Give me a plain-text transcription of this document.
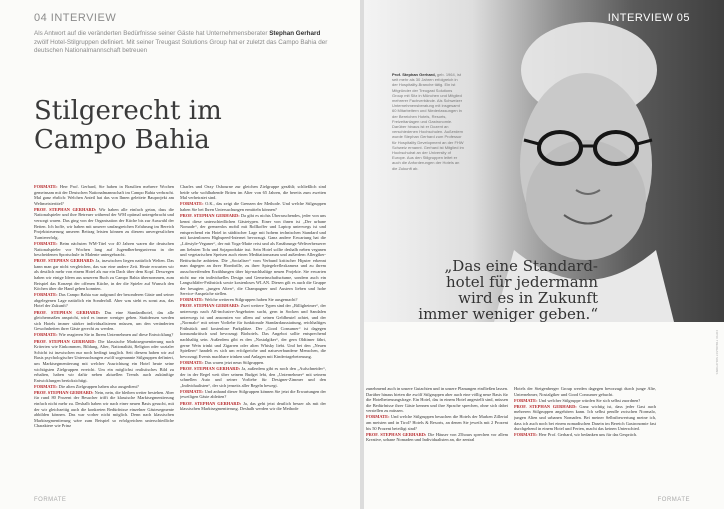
04 INTERVIEW
Als Antwort auf die veränderten Bedürfnisse seiner Gäste hat Unternehmensberater Stephan Gerhard zwölf Hotel-Stilgruppen definiert. Mit seiner Treugast Solutions Group hat er zuletzt das Campo Bahia der deutschen Nationalmannschaft betreuen
Stilgerecht im
Campo Bahia

FORMATE: Herr Prof. Gerhard, Sie haben in Brasilien mehrere Wochen gemeinsam mit der Deutschen Nationalmannschaft im Campo Bahia verbracht. Mal ganz ehrlich: Welchen Anteil hat das von Ihnen geleitete Bauprojekt am Weltmeistertitel?

PROF. STEPHAN GERHARD: Wir haben alle einfach getan, dass die Nationalspieler und ihre Betreuer während der WM optimal untergebracht und versorgt waren. Das ging von der Organisation der Küche bis zur Auswahl der Betten. Ich hoffe, wir haben mit unserer umfangreichen Erfahrung im Bereich Projektsteuerung unseren Beitrag leisten können zu diesem unvergesslichen Turniererfolg.

FORMATE: Beim nächsten WM-Titel vor 40 Jahren waren die deutschen Nationalspieler vor Wochen lang auf Jugendherbergsniveau in der bescheidenen Sportschule in Malente untergebracht.

PROF. STEPHAN GERHARD: Ja, inzwischen liegen natürlich Welten. Das kann man gar nicht vergleichen, das war eine andere Zeit. Heute erwarten wir als deutlich mehr von einem Hotel als nur ein Dach über dem Kopf. Deswegen haben wir einige Ideen aus unserem Buch zu Campo Bahia übernommen, zum Beispiel das Konzept der offenen Küche, in der die Spieler auf Wunsch den Köchen über die Hand gehen konnten.

FORMATE: Das Campo Bahia war aufgrund der besonderen Gäste und seiner abgelegenen Lage natürlich ein Sonderfall. Aber was steht es sonst aus, das Hotel der Zukunft?

PROF. STEPHAN GERHARD: Das eine Standardhotel, das alle gleichermaßen anspricht, wird es immer weniger geben. Stattdessen werden sich Hotels immer stärker individualisieren müssen, um den veränderten Gewohnheiten ihrer Gäste gerecht zu werden.

FORMATE: Wie reagieren Sie in Ihrem Unternehmen auf diese Entwicklung?

PROF. STEPHAN GERHARD: Die klassische Marktsegmentierung nach Kriterien wie Einkommen, Bildung, Alter, Nationalität, Religion oder sozialer Schicht ist inzwischen nur noch bedingt tauglich. Seit diesem haben wir auf Basis psychologischer Untersuchungen zwölf sogenannte Stilgruppen definiert, um Marktsegmentierung mit welcher Ausrichtung ein Hotel heute seine wichtigsten Zielgruppen erreicht. Um ein möglichst realistisches Bild zu erhalten, haben wir dafür neben aktuellen Trends auch zukünftige Entwicklungen berücksichtigt.

FORMATE: Die alten Zielgruppen haben also ausgedient?

PROF. STEPHAN GERHARD: Nein, nein, die bleiben weiter bestehen. Aber für rund 80 Prozent der Besucher trifft die klassische Marktsegmentierung einfach nicht mehr zu. Deshalb haben wir nach einer neuen Basis gesucht, mit der wir gleichzeitig auch die konkreten Bedürfnisse einzelner Gästesegmente abbilden können. Das war vorher nicht möglich. Denn nach klassischen Marktsegmentierung wäre zum Beispiel so erfolgreichen unterschiedliche Charaktere wie Prinz

Charles und Ozzy Osbourne zur gleichen Zielgruppe gezählt; schließlich sind beide sehr wohlhabende Briten im Alter von 65 Jahren, die bereits zum zweiten Mal verheiratet sind.

FORMATE: O.K., das zeigt die Grenzen der Methode. Und welche Stilgruppen haben Sie bei Ihren Untersuchungen ermitteln können?

PROF. STEPHAN GERHARD: Da gibt es nichts Überraschendes, jeder von uns kennt diese unterschiedlichen Gästetypen. Einer von ihnen ist „Der urbane Nomade“, der grenzenlos mobil mit Rollkoffer und Laptop unterwegs ist und entsprechend ein Hotel in städtischer Lage mit hohem technischen Standard und mit kostenlosem Highspeed-Internet bevorzugt. Ganz andere Erwartung hat die „Lifestyle-Veganer“, der mit Yoga-Matte reist und als Ernährungs-Weltverbesserer am liebsten Tofu und Sojaprodukte isst. Sein Hotel sollte deshalb neben veganen und vegetarischen Speisen auch einen Meditationsraum und außerdem Allergiker-Betttwäsche anbieten. Die „Socialiser“ vom Verbund kritischer Hipster erkennt man dagegen an ihrer Hornbrille, zu ihrer Spiegelreflexkamera und zu ihrem ausschweifenden Erzählungen über hip-nachhaltige neuen Projekte. Sie erwarten nicht nur ein individuelles Design und Gemeinschaftsräume, sondern auch ein Langschläfer-Frühstück sowie kostenloses WLAN. Diesen gilt es auch die Gruppe der besagten „jungen Alten“, die Champagner und Austern lieben und hohe Service-Ansprüche stellen.

FORMATE: Welche weiteren Stilgruppen haben Sie ausgemacht?

PROF. STEPHAN GERHARD: Zwei weitere Typen sind der „Billigheimer“, der unterwegs nach All-inclusive-Angeboten sucht, gern in Socken und Sandalen unterwegs ist und ansonsten vor allem auf seinen Geldbeutel achtet, und der „Normalo“ mit seiner Vorliebe für funktionale Standardausstattung, reichhaltiges Frühstück und kostenlose Parkplätze. Der „Good Consumer“ ist dagegen konsumkritisch und bevorzugt Biohotels. Das Angebot sollte entsprechend nachhaltig sein. Außerdem gibt es den „Nostalgiker“, der gern Oldtimer fährt, gerne Wein trinkt und Zigarren oder alten Whisky liebt. Und bei den „Neuen Spießern“ handelt es sich um erfolgreiche und naturverbundene Menschen, die bevorzugt Events machbare trinken und Anlagen mit Kindertagebetreuung.

FORMATE: Das waren jetzt neun Stilgruppen.

PROF. STEPHAN GERHARD: Ja, außerdem gibt es noch den „Aufschneider“, der in der Regel weit über seinem Budget lebt, den „Unternehmer“ mit seinem schnellen Auto und seiner Vorliebe für Designer-Zimmer und den „Individualisten“, der sich jenseits aller Regeln bewegt.

FORMATE: Und anhand dieser Stilgruppen können Sie jetzt die Erwartungen der jeweiligen Gäste ableiten?

PROF. STEPHAN GERHARD: Ja, das geht jetzt deutlich besser als mit der klassischen Marktsegmentierung. Deshalb werden wir die Methode

FORMATE
INTERVIEW 05
Prof. Stephan Gerhard, geb. 1964, ist seit mehr als 30 Jahren erfolgreich in der Hospitality-Branche tätig. Ein ist Mitgründer der Treugast Solutions Group mit Sitz in München und Mitglied mehrerer Fachverbände. Als Schweizer Unternehmensberatung mit insgesamt 60 Mitarbeitern und Niederlassungen in der Bereichen Hotels, Resorts, Freizeitanlagen und Gastronomie. Darüber hinaus ist er Dozent an verschiedenen Hochschulen. Außerdem wurde Stephan Gerhard zum Professor für Hospitality Development an der FHW Schweiz ernannt. Gerhard ist Mitglied im Hochschulrat an der University of Europe. Aus den Stilgruppen leitet er auch die Anforderungen der Hotels an die Zukunft ab.
„Das eine Standard-
hotel für jedermann
wird es in Zukunft
immer weniger geben.“
FOTO: TREUGAST SOLUTIONS

zunehmend auch in unsere Gutachten und in unsere Planungen einfließen lassen. Darüber hinaus bieten die zwölf Stilgruppen aber auch eine völlig neue Basis für die Hotelbetreuungsfrage. Ein Hotel, das in einem Hotel angestellt sind, müssen die Bedürfnisse ihrer Gäste kennen und ihre Sprache sprechen, ohne sich dabei verstellen zu müssen.

FORMATE: Und welche Stilgruppen besuchen die Hotels der Marken Zillertal am meisten und in Tirol? Hotels & Resorts, an denen Sie jeweils mit 2 Prozent bis 50 Prozent beteiligt sind?

PROF. STEPHAN GERHARD: Die Häuser von 25hours sprechen vor allem Kreative, urbane Nomaden und Individualisten an, die zentral

Hotels der Steigenberger Group werden dagegen bevorzugt durch junge Alte, Unternehmer, Nostalgiker und Good Consumer gebucht.

FORMATE: Und welcher Stilgruppe würden Sie sich selbst zuordnen?

PROF. STEPHAN GERHARD: Ganz wichtig ist, dass jeder Gast auch mehreren Stilgruppen angehören kann. Ich selbst pendle zwischen Normalo, jungen Alten und urbanen Nomaden. Bei meiner Selbstbewertung meine ich, dass ich auch noch bei einem nomadischen Dasein im Bereich Gastronomie fast durchgehend in einem Hotel und Ferien, macht das keinen Unterschied.

FORMATE: Herr Prof. Gerhard, wir bedanken uns für das Gespräch.

FORMATE
